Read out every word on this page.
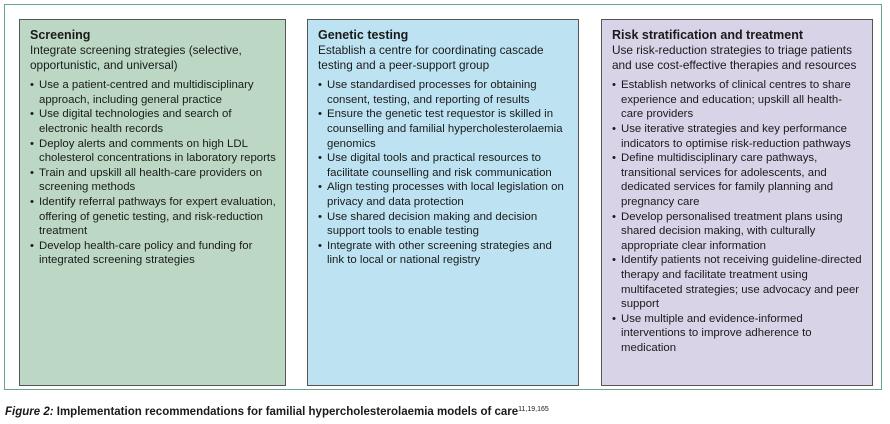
Screening

Integrate screening strategies (selective, opportunistic, and universal)

• Use a patient-centred and multidisciplinary approach, including general practice
• Use digital technologies and search of electronic health records
• Deploy alerts and comments on high LDL cholesterol concentrations in laboratory reports
• Train and upskill all health-care providers on screening methods
• Identify referral pathways for expert evaluation, offering of genetic testing, and risk-reduction treatment
• Develop health-care policy and funding for integrated screening strategies

Genetic testing

Establish a centre for coordinating cascade testing and a peer-support group

• Use standardised processes for obtaining consent, testing, and reporting of results
• Ensure the genetic test requestor is skilled in counselling and familial hypercholesterolaemia genomics
• Use digital tools and practical resources to facilitate counselling and risk communication
• Align testing processes with local legislation on privacy and data protection
• Use shared decision making and decision support tools to enable testing
• Integrate with other screening strategies and link to local or national registry

Risk stratification and treatment

Use risk-reduction strategies to triage patients and use cost-effective therapies and resources

• Establish networks of clinical centres to share experience and education; upskill all health-care providers
• Use iterative strategies and key performance indicators to optimise risk-reduction pathways
• Define multidisciplinary care pathways, transitional services for adolescents, and dedicated services for family planning and pregnancy care
• Develop personalised treatment plans using shared decision making, with culturally appropriate clear information
• Identify patients not receiving guideline-directed therapy and facilitate treatment using multifaceted strategies; use advocacy and peer support
• Use multiple and evidence-informed interventions to improve adherence to medication
Figure 2: Implementation recommendations for familial hypercholesterolaemia models of care$^{11,19,165}$
